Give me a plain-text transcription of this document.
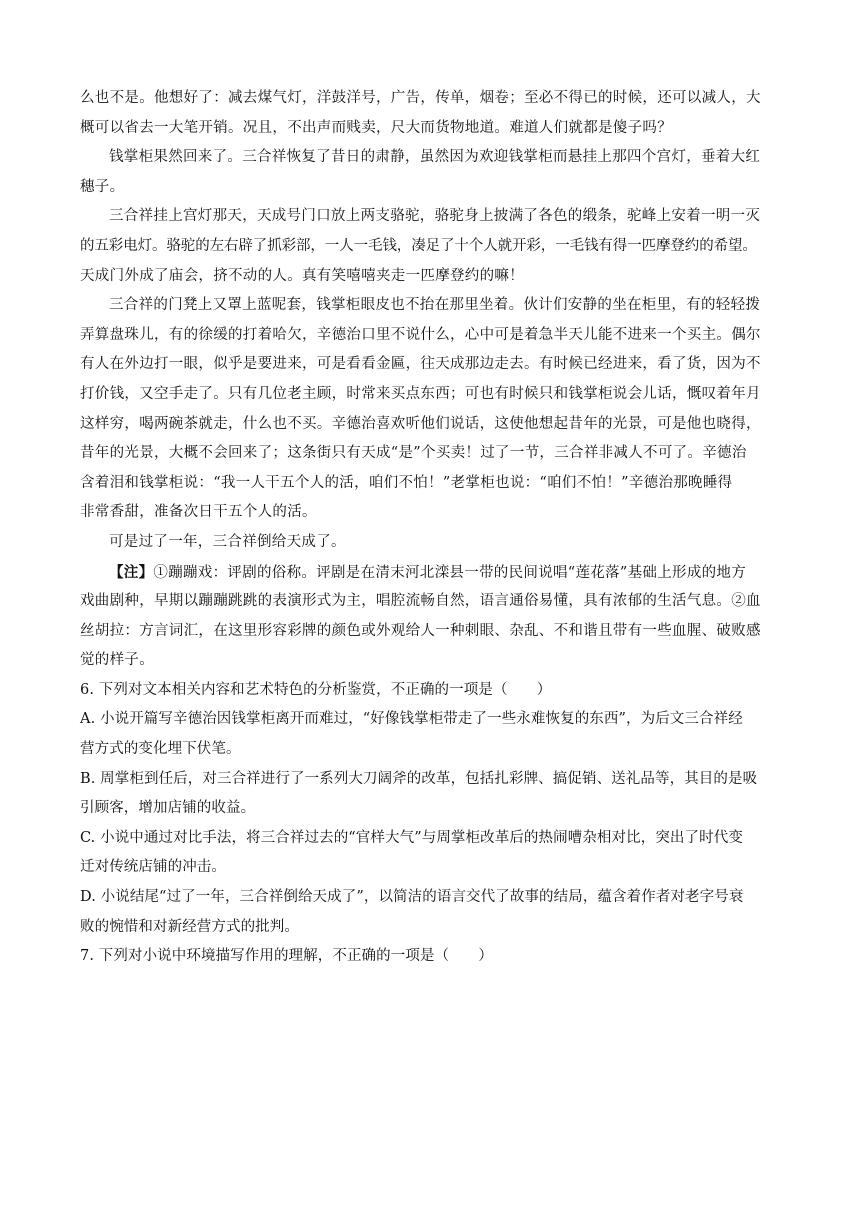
么也不是。他想好了：减去煤气灯，洋鼓洋号，广告，传单，烟卷；至必不得已的时候，还可以减人，大
概可以省去一大笔开销。况且，不出声而贱卖，尺大而货物地道。难道人们就都是傻子吗？
钱掌柜果然回来了。三合祥恢复了昔日的肃静，虽然因为欢迎钱掌柜而悬挂上那四个宫灯，垂着大红
穗子。
三合祥挂上宫灯那天，天成号门口放上两支骆驼，骆驼身上披满了各色的缎条，驼峰上安着一明一灭
的五彩电灯。骆驼的左右辟了抓彩部，一人一毛钱，凑足了十个人就开彩，一毛钱有得一匹摩登约的希望。
天成门外成了庙会，挤不动的人。真有笑嘻嘻夹走一匹摩登约的嘛！
三合祥的门凳上又罩上蓝呢套，钱掌柜眼皮也不抬在那里坐着。伙计们安静的坐在柜里，有的轻轻拨
弄算盘珠儿，有的徐缓的打着哈欠，辛德治口里不说什么，心中可是着急半天儿能不进来一个买主。偶尔
有人在外边打一眼，似乎是要进来，可是看看金匾，往天成那边走去。有时候已经进来，看了货，因为不
打价钱，又空手走了。只有几位老主顾，时常来买点东西；可也有时候只和钱掌柜说会儿话，慨叹着年月
这样穷，喝两碗茶就走，什么也不买。辛德治喜欢听他们说话，这使他想起昔年的光景，可是他也晓得，
昔年的光景，大概不会回来了；这条街只有天成“是”个买卖！过了一节，三合祥非减人不可了。辛德治
含着泪和钱掌柜说：“我一人干五个人的活，咱们不怕！”老掌柜也说：“咱们不怕！”辛德治那晚睡得
非常香甜，准备次日干五个人的活。
可是过了一年，三合祥倒给天成了。
【注】①蹦蹦戏：评剧的俗称。评剧是在清末河北滦县一带的民间说唱“莲花落”基础上形成的地方
戏曲剧种，早期以蹦蹦跳跳的表演形式为主，唱腔流畅自然，语言通俗易懂，具有浓郁的生活气息。②血
丝胡拉：方言词汇，在这里形容彩牌的颜色或外观给人一种刺眼、杂乱、不和谐且带有一些血腥、破败感
觉的样子。
6. 下列对文本相关内容和艺术特色的分析鉴赏，不正确的一项是（　　）
A. 小说开篇写辛德治因钱掌柜离开而难过，“好像钱掌柜带走了一些永难恢复的东西”，为后文三合祥经
营方式的变化埋下伏笔。
B. 周掌柜到任后，对三合祥进行了一系列大刀阔斧的改革，包括扎彩牌、搞促销、送礼品等，其目的是吸
引顾客，增加店铺的收益。
C. 小说中通过对比手法，将三合祥过去的“官样大气”与周掌柜改革后的热闹嘈杂相对比，突出了时代变
迁对传统店铺的冲击。
D. 小说结尾“过了一年，三合祥倒给天成了”，以简洁的语言交代了故事的结局，蕴含着作者对老字号衰
败的惋惜和对新经营方式的批判。
7. 下列对小说中环境描写作用的理解，不正确的一项是（　　）
